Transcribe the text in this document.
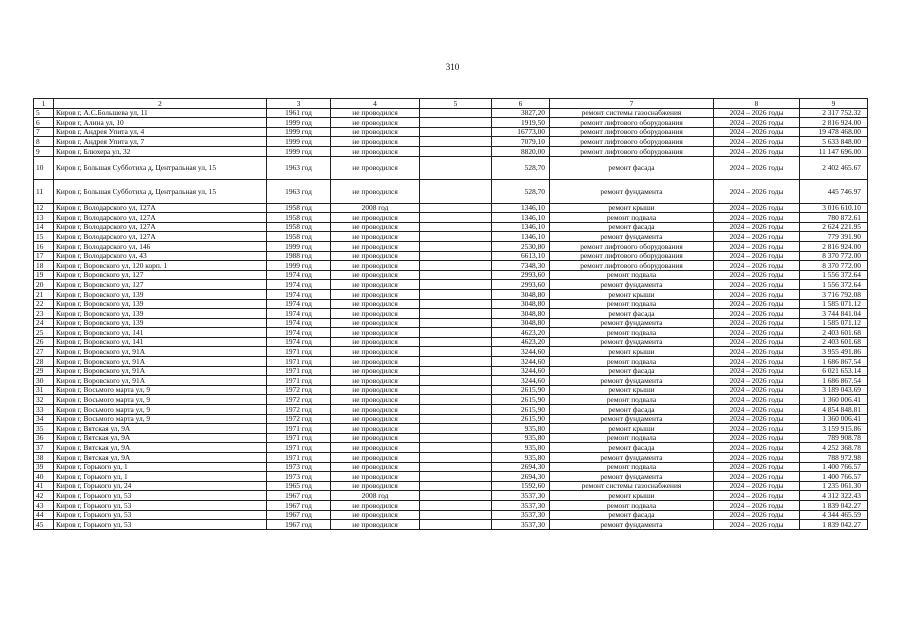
310
1	2	3	4	5	6	7	8	9
5	Киров г, А.С.Большева ул, 11	1961 год	не проводился		3827,20	ремонт системы газоснабжения	2024 – 2026 годы	2 317 752.32
6	Киров г, Алина ул, 10	1999 год	не проводился		1919,50	ремонт лифтового оборудования	2024 – 2026 годы	2 816 924.00
7	Киров г, Андрея Упита ул, 4	1999 год	не проводился		16773,00	ремонт лифтового оборудования	2024 – 2026 годы	19 478 468.00
8	Киров г, Андрея Упита ул, 7	1999 год	не проводился		7079,10	ремонт лифтового оборудования	2024 – 2026 годы	5 633 848.00
9	Киров г, Блюхера ул, 32	1999 год	не проводился		8820,00	ремонт лифтового оборудования	2024 – 2026 годы	11 147 696.00
10	Киров г, Большая Субботиха д, Центральная ул, 15	1963 год	не проводился		528,70	ремонт фасада	2024 – 2026 годы	2 402 465.67
11	Киров г, Большая Субботиха д, Центральная ул, 15	1963 год	не проводился		528,70	ремонт фундамента	2024 – 2026 годы	445 746.97
12	Киров г, Володарского ул, 127А	1958 год	2008 год		1346,10	ремонт крыши	2024 – 2026 годы	3 016 610.10
13	Киров г, Володарского ул, 127А	1958 год	не проводился		1346,10	ремонт подвала	2024 – 2026 годы	780 872.61
14	Киров г, Володарского ул, 127А	1958 год	не проводился		1346,10	ремонт фасада	2024 – 2026 годы	2 624 221.95
15	Киров г, Володарского ул, 127А	1958 год	не проводился		1346,10	ремонт фундамента	2024 – 2026 годы	779 391.90
16	Киров г, Володарского ул, 146	1999 год	не проводился		2530,80	ремонт лифтового оборудования	2024 – 2026 годы	2 816 924.00
17	Киров г, Володарского ул, 43	1988 год	не проводился		6613,10	ремонт лифтового оборудования	2024 – 2026 годы	8 370 772.00
18	Киров г, Воровского ул, 120 корп. 1	1999 год	не проводился		7348,30	ремонт лифтового оборудования	2024 – 2026 годы	8 370 772.00
19	Киров г, Воровского ул, 127	1974 год	не проводился		2993,60	ремонт подвала	2024 – 2026 годы	1 556 372.64
20	Киров г, Воровского ул, 127	1974 год	не проводился		2993,60	ремонт фундамента	2024 – 2026 годы	1 556 372.64
21	Киров г, Воровского ул, 139	1974 год	не проводился		3048,80	ремонт крыши	2024 – 2026 годы	3 716 792.08
22	Киров г, Воровского ул, 139	1974 год	не проводился		3048,80	ремонт подвала	2024 – 2026 годы	1 585 071.12
23	Киров г, Воровского ул, 139	1974 год	не проводился		3048,80	ремонт фасада	2024 – 2026 годы	3 744 841.04
24	Киров г, Воровского ул, 139	1974 год	не проводился		3048,80	ремонт фундамента	2024 – 2026 годы	1 585 071.12
25	Киров г, Воровского ул, 141	1974 год	не проводился		4623,20	ремонт подвала	2024 – 2026 годы	2 403 601.68
26	Киров г, Воровского ул, 141	1974 год	не проводился		4623,20	ремонт фундамента	2024 – 2026 годы	2 403 601.68
27	Киров г, Воровского ул, 91А	1971 год	не проводился		3244,60	ремонт крыши	2024 – 2026 годы	3 955 491.86
28	Киров г, Воровского ул, 91А	1971 год	не проводился		3244,60	ремонт подвала	2024 – 2026 годы	1 686 867.54
29	Киров г, Воровского ул, 91А	1971 год	не проводился		3244,60	ремонт фасада	2024 – 2026 годы	6 021 653.14
30	Киров г, Воровского ул, 91А	1971 год	не проводился		3244,60	ремонт фундамента	2024 – 2026 годы	1 686 867.54
31	Киров г, Восьмого марта ул, 9	1972 год	не проводился		2615,90	ремонт крыши	2024 – 2026 годы	3 189 043.69
32	Киров г, Восьмого марта ул, 9	1972 год	не проводился		2615,90	ремонт подвала	2024 – 2026 годы	1 360 006.41
33	Киров г, Восьмого марта ул, 9	1972 год	не проводился		2615,90	ремонт фасада	2024 – 2026 годы	4 854 848.81
34	Киров г, Восьмого марта ул, 9	1972 год	не проводился		2615,90	ремонт фундамента	2024 – 2026 годы	1 360 006.41
35	Киров г, Вятская ул, 9А	1971 год	не проводился		935,80	ремонт крыши	2024 – 2026 годы	3 159 915.86
36	Киров г, Вятская ул, 9А	1971 год	не проводился		935,80	ремонт подвала	2024 – 2026 годы	789 908.78
37	Киров г, Вятская ул, 9А	1971 год	не проводился		935,80	ремонт фасада	2024 – 2026 годы	4 252 368.78
38	Киров г, Вятская ул, 9А	1971 год	не проводился		935,80	ремонт фундамента	2024 – 2026 годы	788 972.98
39	Киров г, Горького ул, 1	1973 год	не проводился		2694,30	ремонт подвала	2024 – 2026 годы	1 400 766.57
40	Киров г, Горького ул, 1	1973 год	не проводился		2694,30	ремонт фундамента	2024 – 2026 годы	1 400 766.57
41	Киров г, Горького ул, 24	1965 год	не проводился		1592,60	ремонт системы газоснабжения	2024 – 2026 годы	1 235 061.30
42	Киров г, Горького ул, 53	1967 год	2008 год		3537,30	ремонт крыши	2024 – 2026 годы	4 312 322.43
43	Киров г, Горького ул, 53	1967 год	не проводился		3537,30	ремонт подвала	2024 – 2026 годы	1 839 042.27
44	Киров г, Горького ул, 53	1967 год	не проводился		3537,30	ремонт фасада	2024 – 2026 годы	4 344 465.59
45	Киров г, Горького ул, 53	1967 год	не проводился		3537,30	ремонт фундамента	2024 – 2026 годы	1 839 042.27
